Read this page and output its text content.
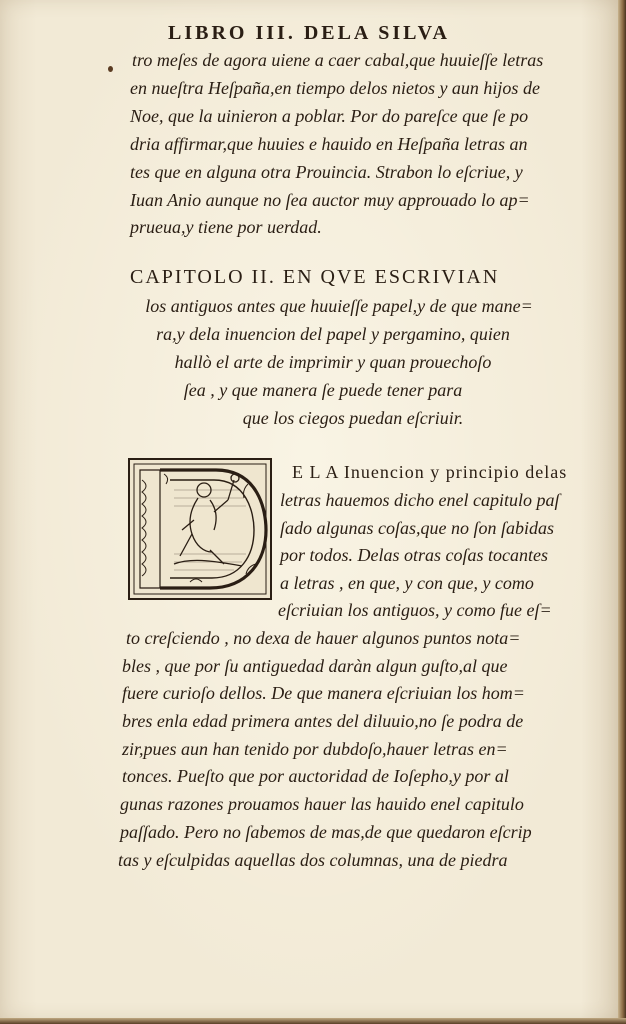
LIBRO III. DELA SILVA
tro meſes de agora uiene a caer cabal,que huuieſſe letras
en nueſtra Heſpaña,en tiempo delos nietos y aun hijos de
Noe, que la uinieron a poblar. Por do pareſce que ſe po
dria affirmar,que huuies e hauido en Heſpaña letras an
tes que en alguna otra Prouincia. Strabon lo eſcriue, y
Iuan Anio aunque no ſea auctor muy approuado lo ap=
prueua,y tiene por uerdad.
CAPITOLO II. EN QVE ESCRIVIAN
los antiguos antes que huuieſſe papel,y de que mane=
ra,y dela inuencion del papel y pergamino, quien
hallò el arte de imprimir y quan prouechoſo
ſea , y que manera ſe puede tener para
que los ciegos puedan eſcriuir.
E L A Inuencion y principio delas
letras hauemos dicho enel capitulo paſ
ſado algunas coſas,que no ſon ſabidas
por todos. Delas otras coſas tocantes
a letras , en que, y con que, y como
eſcriuian los antiguos, y como fue eſ=
to creſciendo , no dexa de hauer algunos puntos nota=
bles , que por ſu antiguedad daràn algun guſto,al que
fuere curioſo dellos. De que manera eſcriuian los hom=
bres enla edad primera antes del diluuio,no ſe podra de
zir,pues aun han tenido por dubdoſo,hauer letras en=
tonces. Pueſto que por auctoridad de Ioſepho,y por al
gunas razones prouamos hauer las hauido enel capitulo
paſſado. Pero no ſabemos de mas,de que quedaron eſcrip
tas y eſculpidas aquellas dos columnas, una de piedra
